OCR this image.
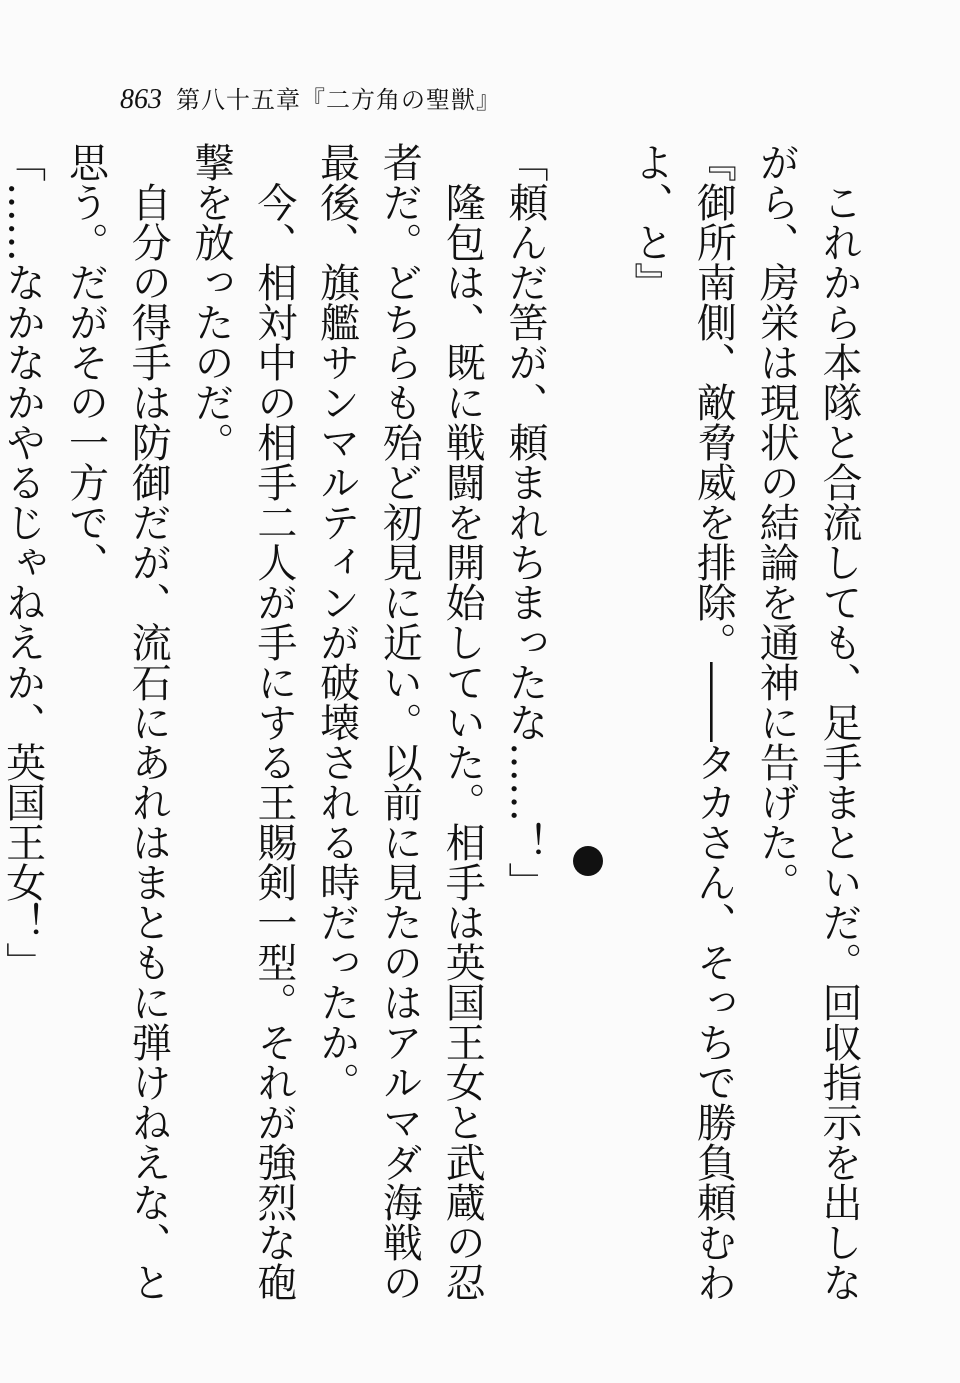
863 第八十五章『二方角の聖獣』

　これから本隊と合流しても、足手まといだ。回収指示を出しながら、房栄は現状の結論を通神に告げた。

『御所南側、敵脅威を排除。――タカさん、そっちで勝負頼むわよ、と』

「頼んだ筈が、頼まれちまったな……！」

　隆包は、既に戦闘を開始していた。相手は英国王女と武蔵の忍者だ。どちらも殆ど初見に近い。以前に見たのはアルマダ海戦の最後、旗艦サンマルティンが破壊される時だったか。

　今、相対中の相手二人が手にする王賜剣一型。それが強烈な砲撃を放ったのだ。

　自分の得手は防御だが、流石にあれはまともに弾けねえな、と思う。だがその一方で、

「……なかなかやるじゃねえか、英国王女！」
